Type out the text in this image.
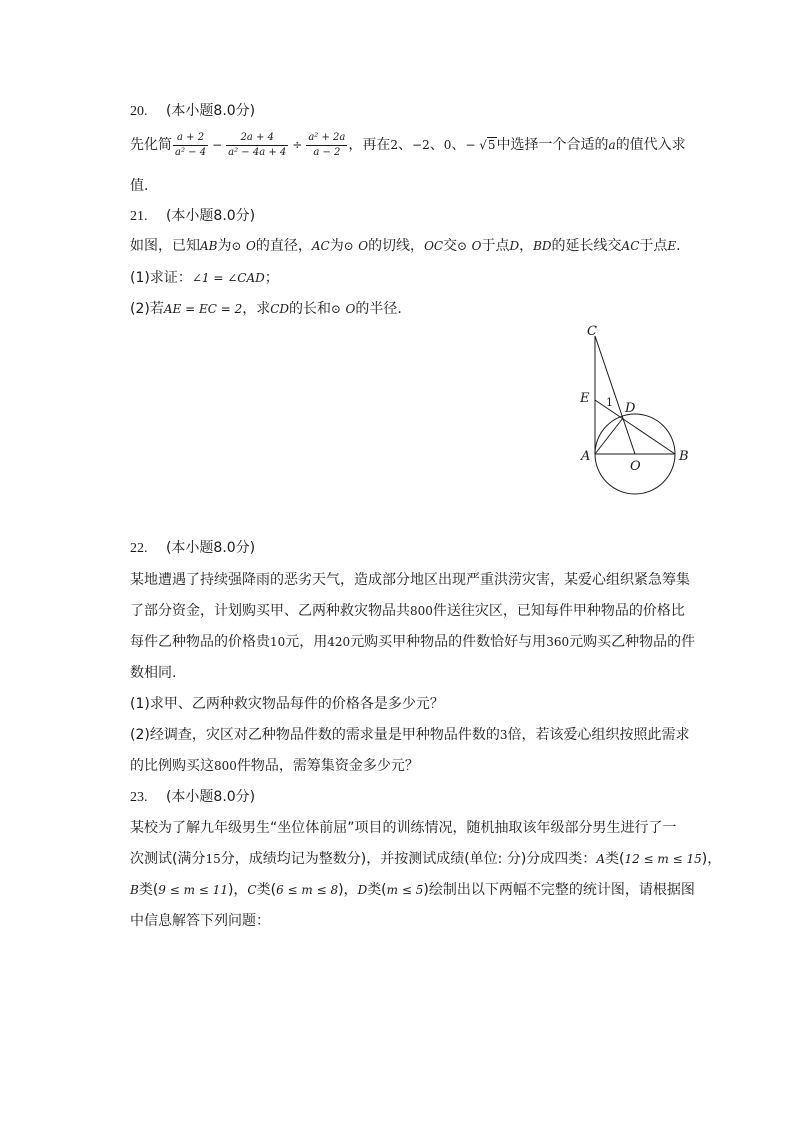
20. (本小题8.0分)
先化简 $\frac{a + 2}{\text{a² − 4}} - \frac{2a + 4}{\text{a² − 4a + 4}} \div \frac{\text{a² + 2a}}{a - 2}$ ，再在2、−2、0、− √5中选择一个合适的a的值代入求
值.
21. (本小题8.0分)
如图，已知AB为⊙ O的直径，AC为⊙ O的切线，OC交⊙ O于点D，BD的延长线交AC于点E.
(1)求证：∠1 = ∠CAD；
(2)若AE = EC = 2，求CD的长和⊙ O的半径.
C
E 1 D
A
O
B
22. (本小题8.0分)
某地遭遇了持续强降雨的恶劣天气，造成部分地区出现严重洪涝灾害，某爱心组织紧急筹集
了部分资金，计划购买甲、乙两种救灾物品共800件送往灾区，已知每件甲种物品的价格比
每件乙种物品的价格贵10元，用420元购买甲种物品的件数恰好与用360元购买乙种物品的件
数相同.
(1)求甲、乙两种救灾物品每件的价格各是多少元？
(2)经调查，灾区对乙种物品件数的需求量是甲种物品件数的3倍，若该爱心组织按照此需求
的比例购买这800件物品，需筹集资金多少元？
23. (本小题8.0分)
某校为了解九年级男生“坐位体前屈”项目的训练情况，随机抽取该年级部分男生进行了一
次测试(满分15分，成绩均记为整数分)，并按测试成绩(单位: 分)分成四类：A类(12 ≤ m ≤ 15)，
B类(9 ≤ m ≤ 11)，C类(6 ≤ m ≤ 8)，D类(m ≤ 5)绘制出以下两幅不完整的统计图，请根据图
中信息解答下列问题：
